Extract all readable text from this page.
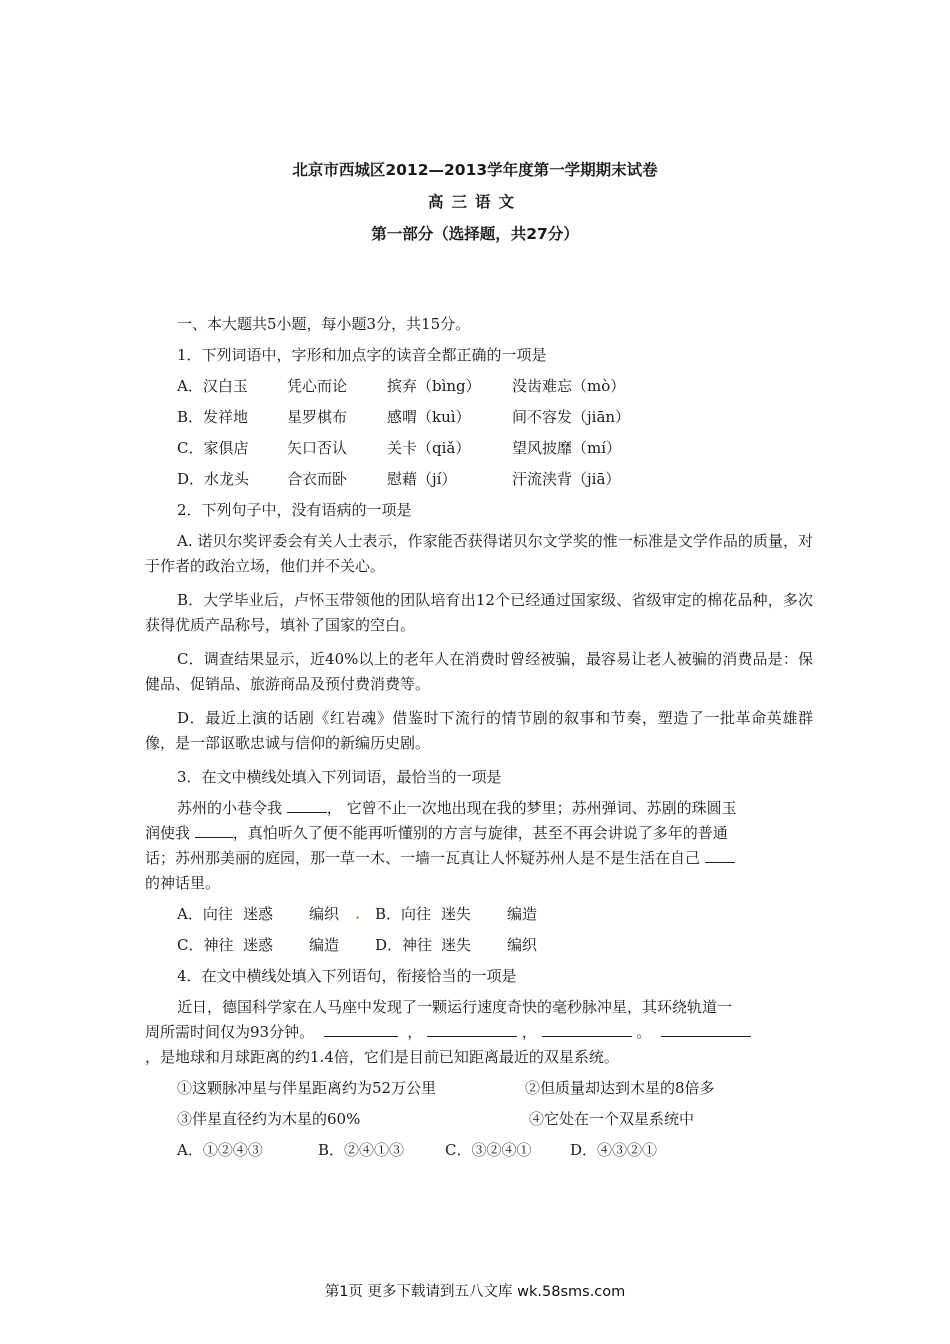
北京市西城区2012—2013学年度第一学期期末试卷

高三语文

第一部分（选择题，共27分）

一、本大题共5小题，每小题3分，共15分。
1．下列词语中，字形和加点字的读音全都正确的一项是
A．汉白玉	凭心而论	摈弃（bìng） 没齿难忘（mò）
B．发祥地	星罗棋布	感喟（kuì）	间不容发（jiān）
C．家俱店	矢口否认	关卡（qiǎ）	望风披靡（mí）
D．水龙头	合衣而卧	慰藉（jí）	汗流浃背（jiā）
2．下列句子中，没有语病的一项是
A. 诺贝尔奖评委会有关人士表示，作家能否获得诺贝尔文学奖的惟一标准是文学作品的质量，对于作者的政治立场，他们并不关心。
B．大学毕业后，卢怀玉带领他的团队培育出12个已经通过国家级、省级审定的棉花品种，多次获得优质产品称号，填补了国家的空白。
C．调查结果显示，近40%以上的老年人在消费时曾经被骗，最容易让老人被骗的消费品是：保健品、促销品、旅游商品及预付费消费等。
D．最近上演的话剧《红岩魂》借鉴时下流行的情节剧的叙事和节奏，塑造了一批革命英雄群像，是一部讴歌忠诚与信仰的新编历史剧。
3．在文中横线处填入下列词语，最恰当的一项是
苏州的小巷令我	， 它曾不止一次地出现在我的梦里；苏州弹词、苏剧的珠圆玉
润使我	，真怕听久了便不能再听懂别的方言与旋律，甚至不再会讲说了多年的普通
话；苏州那美丽的庭园，那一草一木、一墙一瓦真让人怀疑苏州人是不是生活在自己
的神话里。
A．向往 迷惑 编织 . B．向往 迷失 编造
C．神往 迷惑 编造 D．神往 迷失 编织
4．在文中横线处填入下列语句，衔接恰当的一项是
近日，德国科学家在人马座中发现了一颗运行速度奇快的毫秒脉冲星，其环绕轨道一
周所需时间仅为93分钟。	，	，	。
，是地球和月球距离的约1.4倍，它们是目前已知距离最近的双星系统。
①这颗脉冲星与伴星距离约为52万公里	②但质量却达到木星的8倍多
③伴星直径约为木星的60%	④它处在一个双星系统中
A．①②④③	B．②④①③	C．③②④①	D．④③②①
第1页 更多下载请到五八文库 wk.58sms.com
